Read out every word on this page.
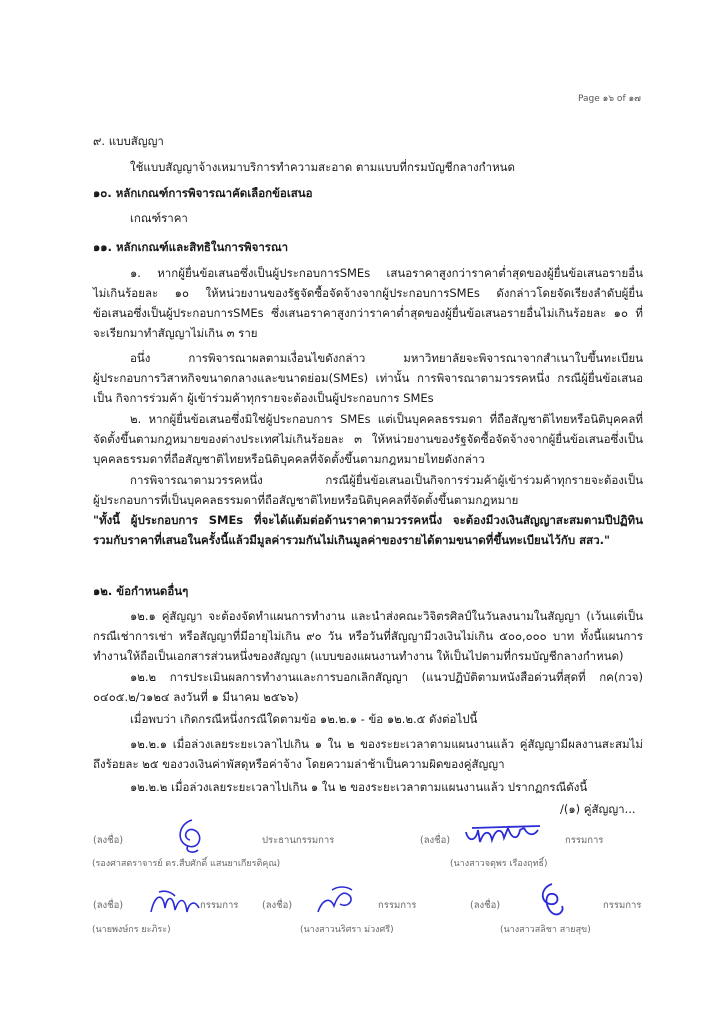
Page ๑๖ of ๑๗
๙. แบบสัญญา
ใช้แบบสัญญาจ้างเหมาบริการทำความสะอาด ตามแบบที่กรมบัญชีกลางกำหนด
๑๐. หลักเกณฑ์การพิจารณาคัดเลือกข้อเสนอ
เกณฑ์ราคา
๑๑. หลักเกณฑ์และสิทธิในการพิจารณา
๑. หากผู้ยื่นข้อเสนอซึ่งเป็นผู้ประกอบการSMEs เสนอราคาสูงกว่าราคาต่ำสุดของผู้ยื่นข้อเสนอรายอื่น
ไม่เกินร้อยละ ๑๐ ให้หน่วยงานของรัฐจัดซื้อจัดจ้างจากผู้ประกอบการSMEs ดังกล่าวโดยจัดเรียงลำดับผู้ยื่น
ข้อเสนอซึ่งเป็นผู้ประกอบการSMEs ซึ่งเสนอราคาสูงกว่าราคาต่ำสุดของผู้ยื่นข้อเสนอรายอื่นไม่เกินร้อยละ ๑๐ ที่
จะเรียกมาทำสัญญาไม่เกิน ๓ ราย
อนึ่ง การพิจารณาผลตามเงื่อนไขดังกล่าว มหาวิทยาลัยจะพิจารณาจากสำเนาใบขึ้นทะเบียน
ผู้ประกอบการวิสาหกิจขนาดกลางและขนาดย่อม(SMEs) เท่านั้น การพิจารณาตามวรรคหนึ่ง กรณีผู้ยื่นข้อเสนอ
เป็น กิจการร่วมค้า ผู้เข้าร่วมค้าทุกรายจะต้องเป็นผู้ประกอบการ SMEs
๒. หากผู้ยื่นข้อเสนอซึ่งมิใช่ผู้ประกอบการ SMEs แต่เป็นบุคคลธรรมดา ที่ถือสัญชาติไทยหรือนิติบุคคลที่
จัดตั้งขึ้นตามกฎหมายของต่างประเทศไม่เกินร้อยละ ๓ ให้หน่วยงานของรัฐจัดซื้อจัดจ้างจากผู้ยื่นข้อเสนอซึ่งเป็น
บุคคลธรรมดาที่ถือสัญชาติไทยหรือนิติบุคคลที่จัดตั้งขึ้นตามกฎหมายไทยดังกล่าว
การพิจารณาตามวรรคหนึ่ง กรณีผู้ยื่นข้อเสนอเป็นกิจการร่วมค้าผู้เข้าร่วมค้าทุกรายจะต้องเป็น
ผู้ประกอบการที่เป็นบุคคลธรรมดาที่ถือสัญชาติไทยหรือนิติบุคคลที่จัดตั้งขึ้นตามกฎหมาย
"ทั้งนี้ ผู้ประกอบการ SMEs ที่จะได้แต้มต่อด้านราคาตามวรรคหนึ่ง จะต้องมีวงเงินสัญญาสะสมตามปีปฏิทิน
รวมกับราคาที่เสนอในครั้งนี้แล้วมีมูลค่ารวมกันไม่เกินมูลค่าของรายได้ตามขนาดที่ขึ้นทะเบียนไว้กับ สสว."
๑๒. ข้อกำหนดอื่นๆ
๑๒.๑ คู่สัญญา จะต้องจัดทำแผนการทำงาน และนำส่งคณะวิจิตรศิลป์ในวันลงนามในสัญญา (เว้นแต่เป็น
กรณีเช่าการเช่า หรือสัญญาที่มีอายุไม่เกิน ๙๐ วัน หรือวันที่สัญญามีวงเงินไม่เกิน ๕๐๐,๐๐๐ บาท ทั้งนี้แผนการ
ทำงานให้ถือเป็นเอกสารส่วนหนึ่งของสัญญา (แบบของแผนงานทำงาน ให้เป็นไปตามที่กรมบัญชีกลางกำหนด)
๑๒.๒ การประเมินผลการทำงานและการบอกเลิกสัญญา (แนวปฏิบัติตามหนังสือด่วนที่สุดที่ กค(กวจ)
๐๔๐๕.๒/ว๑๒๔ ลงวันที่ ๑ มีนาคม ๒๕๖๖)
เมื่อพบว่า เกิดกรณีหนึ่งกรณีใดตามข้อ ๑๒.๒.๑ - ข้อ ๑๒.๒.๕ ดังต่อไปนี้
๑๒.๒.๑ เมื่อล่วงเลยระยะเวลาไปเกิน ๑ ใน ๒ ของระยะเวลาตามแผนงานแล้ว คู่สัญญามีผลงานสะสมไม่
ถึงร้อยละ ๒๕ ของวงเงินค่าพัสดุหรือค่าจ้าง โดยความล่าช้าเป็นความผิดของคู่สัญญา
๑๒.๒.๒ เมื่อล่วงเลยระยะเวลาไปเกิน ๑ ใน ๒ ของระยะเวลาตามแผนงานแล้ว ปรากฏกรณีดังนี้
/(๑) คู่สัญญา...
(ลงชื่อ)	ประธานกรรมการ
(รองศาสตราจารย์ ดร.สืบศักดิ์ แสนยาเกียรติคุณ)
(ลงชื่อ)	กรรมการ
(นางสาวจตุพร เรืองฤทธิ์)
(ลงชื่อ)	กรรมการ
(นายพงษ์กร ยะภิระ)
(ลงชื่อ)	กรรมการ
(นางสาวนริศรา ม่วงศรี)
(ลงชื่อ)	กรรมการ
(นางสาวสลิชา สายสุข)
